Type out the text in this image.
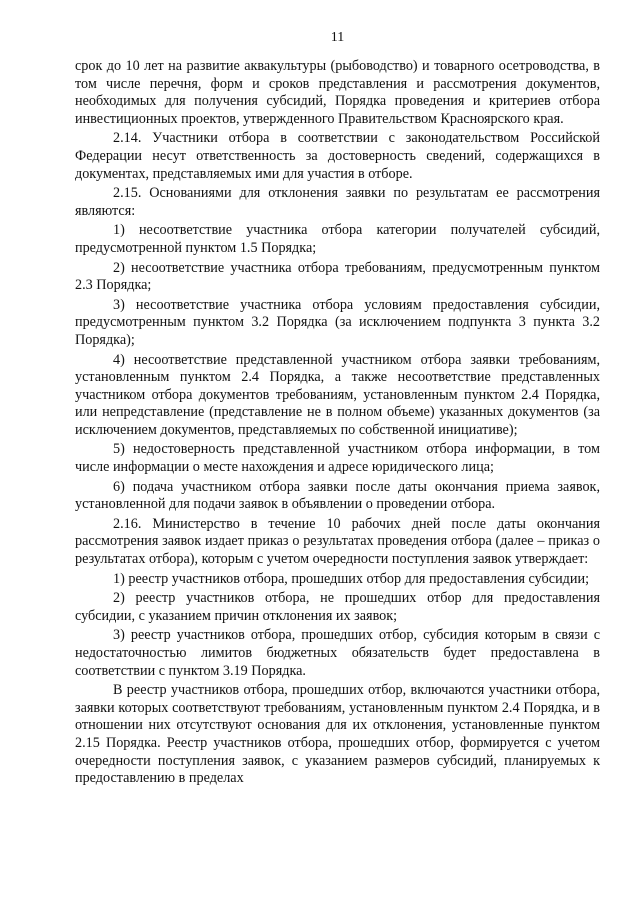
11

срок до 10 лет на развитие аквакультуры (рыбоводство) и товарного осетроводства, в том числе перечня, форм и сроков представления и рассмотрения документов, необходимых для получения субсидий, Порядка проведения и критериев отбора инвестиционных проектов, утвержденного Правительством Красноярского края.

2.14. Участники отбора в соответствии с законодательством Российской Федерации несут ответственность за достоверность сведений, содержащихся в документах, представляемых ими для участия в отборе.

2.15. Основаниями для отклонения заявки по результатам ее рассмотрения являются:

1) несоответствие участника отбора категории получателей субсидий, предусмотренной пунктом 1.5 Порядка;

2) несоответствие участника отбора требованиям, предусмотренным пунктом 2.3 Порядка;

3) несоответствие участника отбора условиям предоставления субсидии, предусмотренным пунктом 3.2 Порядка (за исключением подпункта 3 пункта 3.2 Порядка);

4) несоответствие представленной участником отбора заявки требованиям, установленным пунктом 2.4 Порядка, а также несоответствие представленных участником отбора документов требованиям, установленным пунктом 2.4 Порядка, или непредставление (представление не в полном объеме) указанных документов (за исключением документов, представляемых по собственной инициативе);

5) недостоверность представленной участником отбора информации, в том числе информации о месте нахождения и адресе юридического лица;

6) подача участником отбора заявки после даты окончания приема заявок, установленной для подачи заявок в объявлении о проведении отбора.

2.16. Министерство в течение 10 рабочих дней после даты окончания рассмотрения заявок издает приказ о результатах проведения отбора (далее – приказ о результатах отбора), которым с учетом очередности поступления заявок утверждает:

1) реестр участников отбора, прошедших отбор для предоставления субсидии;

2) реестр участников отбора, не прошедших отбор для предоставления субсидии, с указанием причин отклонения их заявок;

3) реестр участников отбора, прошедших отбор, субсидия которым в связи с недостаточностью лимитов бюджетных обязательств будет предоставлена в соответствии с пунктом 3.19 Порядка.

В реестр участников отбора, прошедших отбор, включаются участники отбора, заявки которых соответствуют требованиям, установленным пунктом 2.4 Порядка, и в отношении них отсутствуют основания для их отклонения, установленные пунктом 2.15 Порядка. Реестр участников отбора, прошедших отбор, формируется с учетом очередности поступления заявок, с указанием размеров субсидий, планируемых к предоставлению в пределах
